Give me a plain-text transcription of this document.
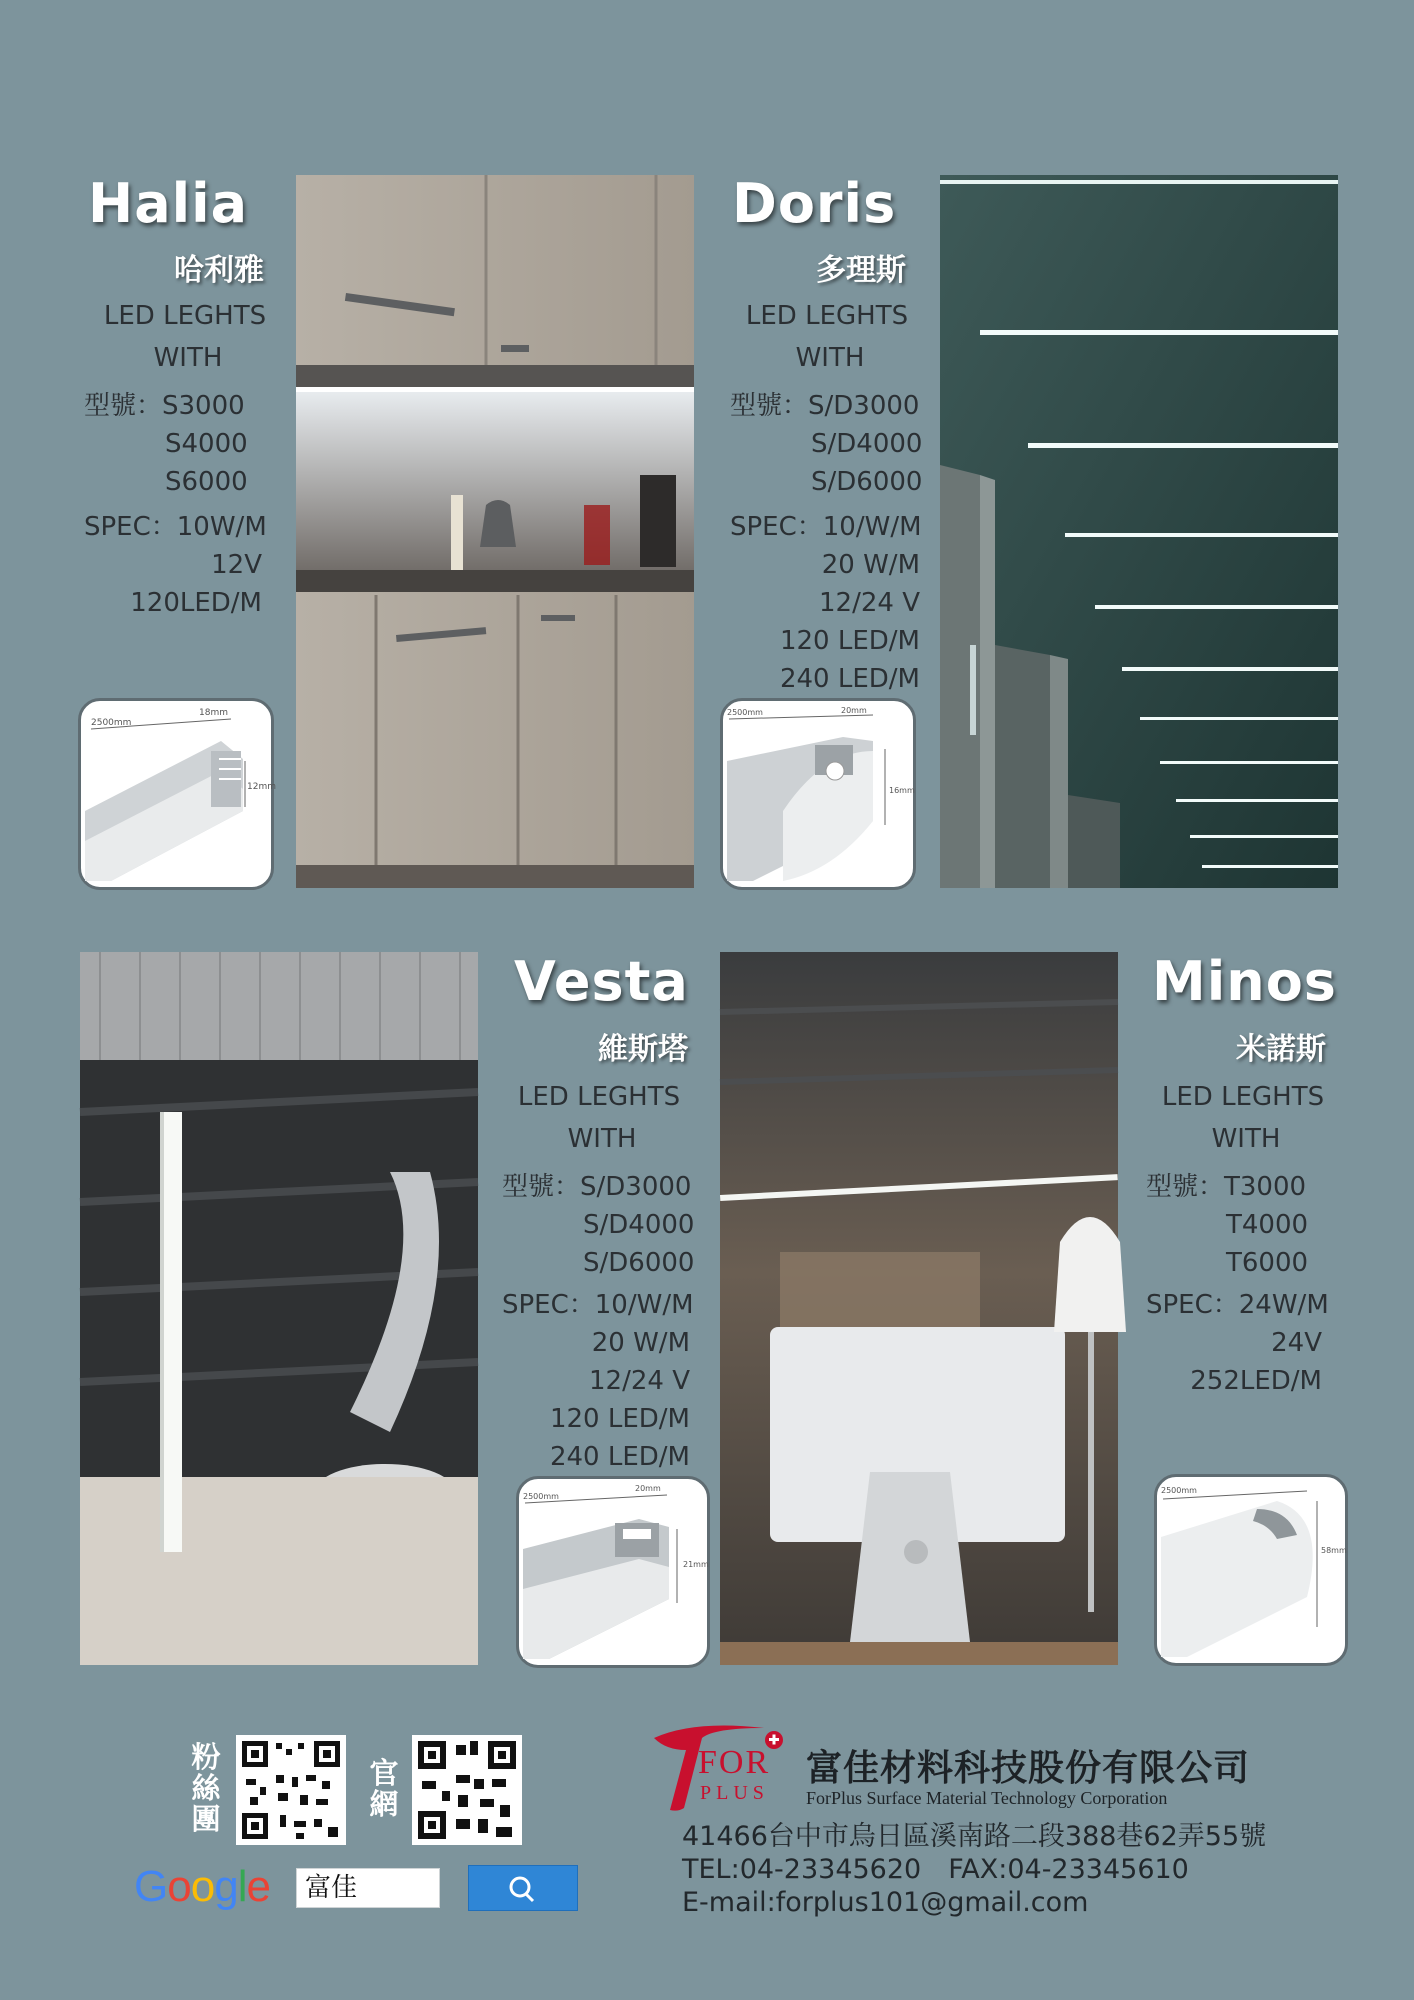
Halia
哈利雅
LED LEGHTS
WITH
型號：S3000
S4000
S6000
SPEC：10W/M
12V
120LED/M
2500mm
18mm
12mm
Doris
多理斯
LED LEGHTS
WITH
型號：S/D3000
S/D4000
S/D6000
SPEC：10/W/M
20 W/M
12/24 V
120 LED/M
240 LED/M
2500mm	20mm
16mm
Vesta
維斯塔
LED LEGHTS
WITH
型號：S/D3000
S/D4000
S/D6000
SPEC：10/W/M
20 W/M
12/24 V
120 LED/M
240 LED/M
2500mm
20mm
21mm
Minos
米諾斯
LED LEGHTS
WITH
型號：T3000
T4000
T6000
SPEC：24W/M
24V
252LED/M
2500mm
58mm
粉絲團
官網
Google	富佳
FOR
PLUS
富佳材料科技股份有限公司
ForPlus Surface Material Technology Corporation
41466台中市烏日區溪南路二段388巷62弄55號
TEL:04-23345620　FAX:04-23345610
E-mail:forplus101@gmail.com
